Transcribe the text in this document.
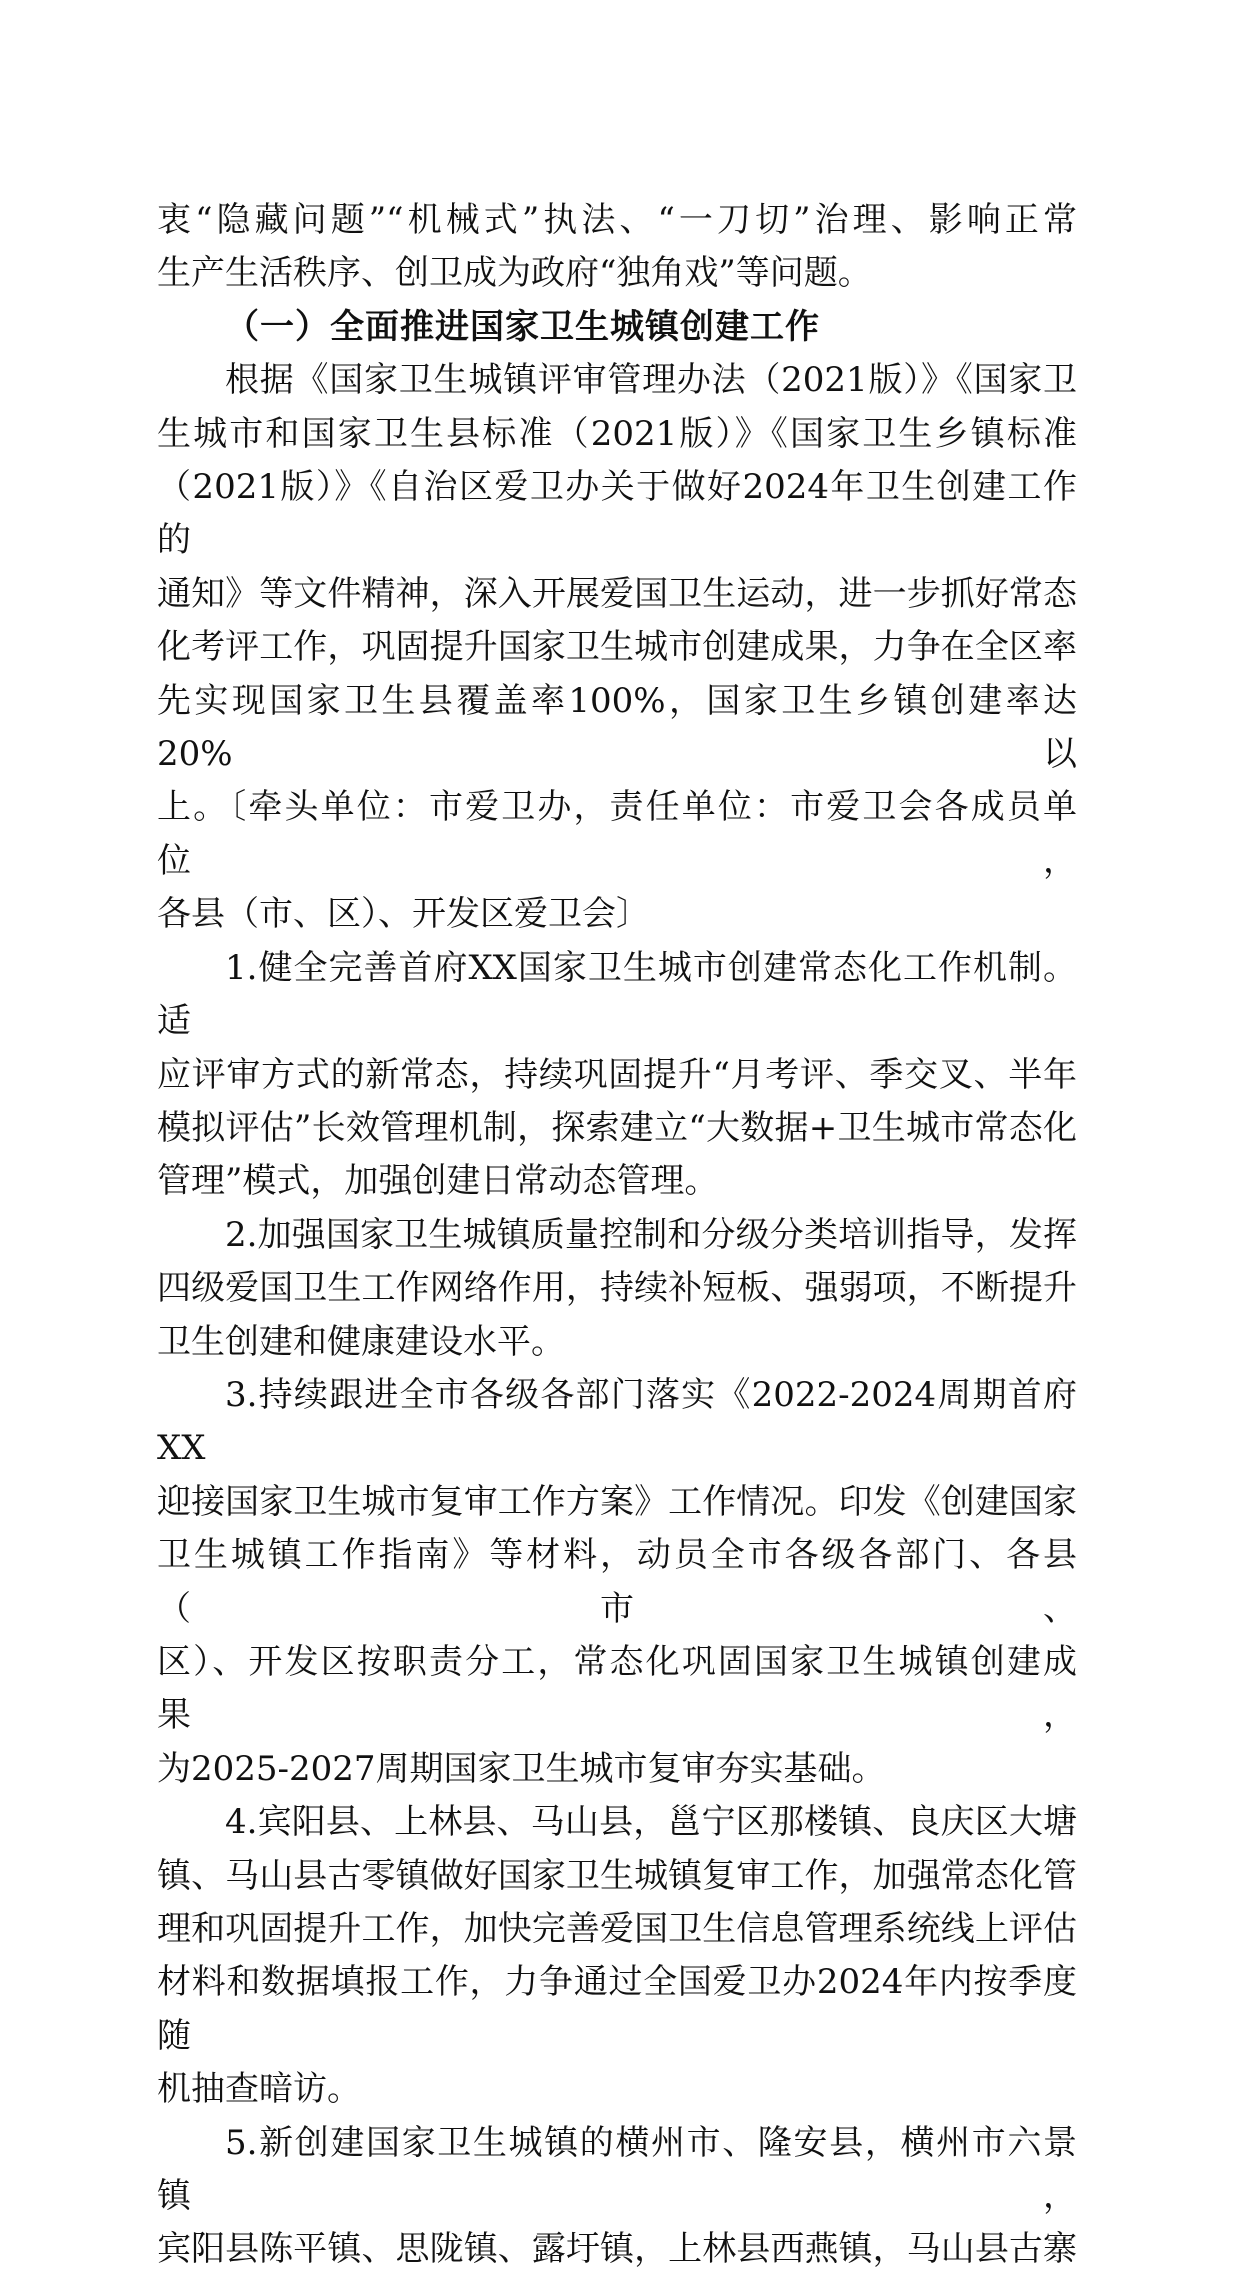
衷“隐藏问题”“机械式”执法、“一刀切”治理、影响正常

生产生活秩序、创卫成为政府“独角戏”等问题。

（一）全面推进国家卫生城镇创建工作

根据《国家卫生城镇评审管理办法（2021版）》《国家卫

生城市和国家卫生县标准（2021版）》《国家卫生乡镇标准

（2021版）》《自治区爱卫办关于做好2024年卫生创建工作的

通知》等文件精神，深入开展爱国卫生运动，进一步抓好常态

化考评工作，巩固提升国家卫生城市创建成果，力争在全区率

先实现国家卫生县覆盖率100%，国家卫生乡镇创建率达20%以

上。〔牵头单位：市爱卫办，责任单位：市爱卫会各成员单位，

各县（市、区）、开发区爱卫会〕

1.健全完善首府XX国家卫生城市创建常态化工作机制。适

应评审方式的新常态，持续巩固提升“月考评、季交叉、半年

模拟评估”长效管理机制，探索建立“大数据+卫生城市常态化

管理”模式，加强创建日常动态管理。

2.加强国家卫生城镇质量控制和分级分类培训指导，发挥

四级爱国卫生工作网络作用，持续补短板、强弱项，不断提升

卫生创建和健康建设水平。

3.持续跟进全市各级各部门落实《2022-2024周期首府XX

迎接国家卫生城市复审工作方案》工作情况。印发《创建国家

卫生城镇工作指南》等材料，动员全市各级各部门、各县（市、

区）、开发区按职责分工，常态化巩固国家卫生城镇创建成果，

为2025-2027周期国家卫生城市复审夯实基础。

4.宾阳县、上林县、马山县，邕宁区那楼镇、良庆区大塘

镇、马山县古零镇做好国家卫生城镇复审工作，加强常态化管

理和巩固提升工作，加快完善爱国卫生信息管理系统线上评估

材料和数据填报工作，力争通过全国爱卫办2024年内按季度随

机抽查暗访。

5.新创建国家卫生城镇的横州市、隆安县，横州市六景镇，

宾阳县陈平镇、思陇镇、露圩镇，上林县西燕镇，马山县古寨
